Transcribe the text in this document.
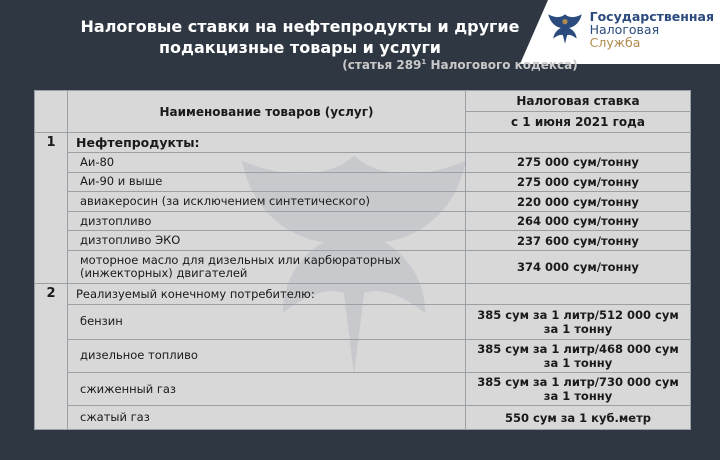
Государственная
Налоговая
Служба
Налоговые ставки на нефтепродукты и другие
подакцизные товары и услуги
(статья $289^1$ Налогового кодекса)
	Наименование товаров (услуг)	Налоговая ставка
		с 1 июня 2021 года
1	Нефтепродукты:	
	Аи-80	275 000 сум/тонну
	Аи-90 и выше	275 000 сум/тонну
	авиакеросин (за исключением синтетического)	220 000 сум/тонну
	дизтопливо	264 000 сум/тонну
	дизтопливо ЭКО	237 600 сум/тонну

	моторное масло для дизельных или карбюраторных
(инжекторных) двигателей	374 000 сум/тонну
2	Реализуемый конечному потребителю:	
	бензин	385 сум за 1 литр/512 000 сум
за 1 тонну

	дизельное топливо	385 сум за 1 литр/468 000 сум
за 1 тонну

	сжиженный газ	385 сум за 1 литр/730 000 сум
за 1 тонну

	сжатый газ	550 сум за 1 куб.метр
